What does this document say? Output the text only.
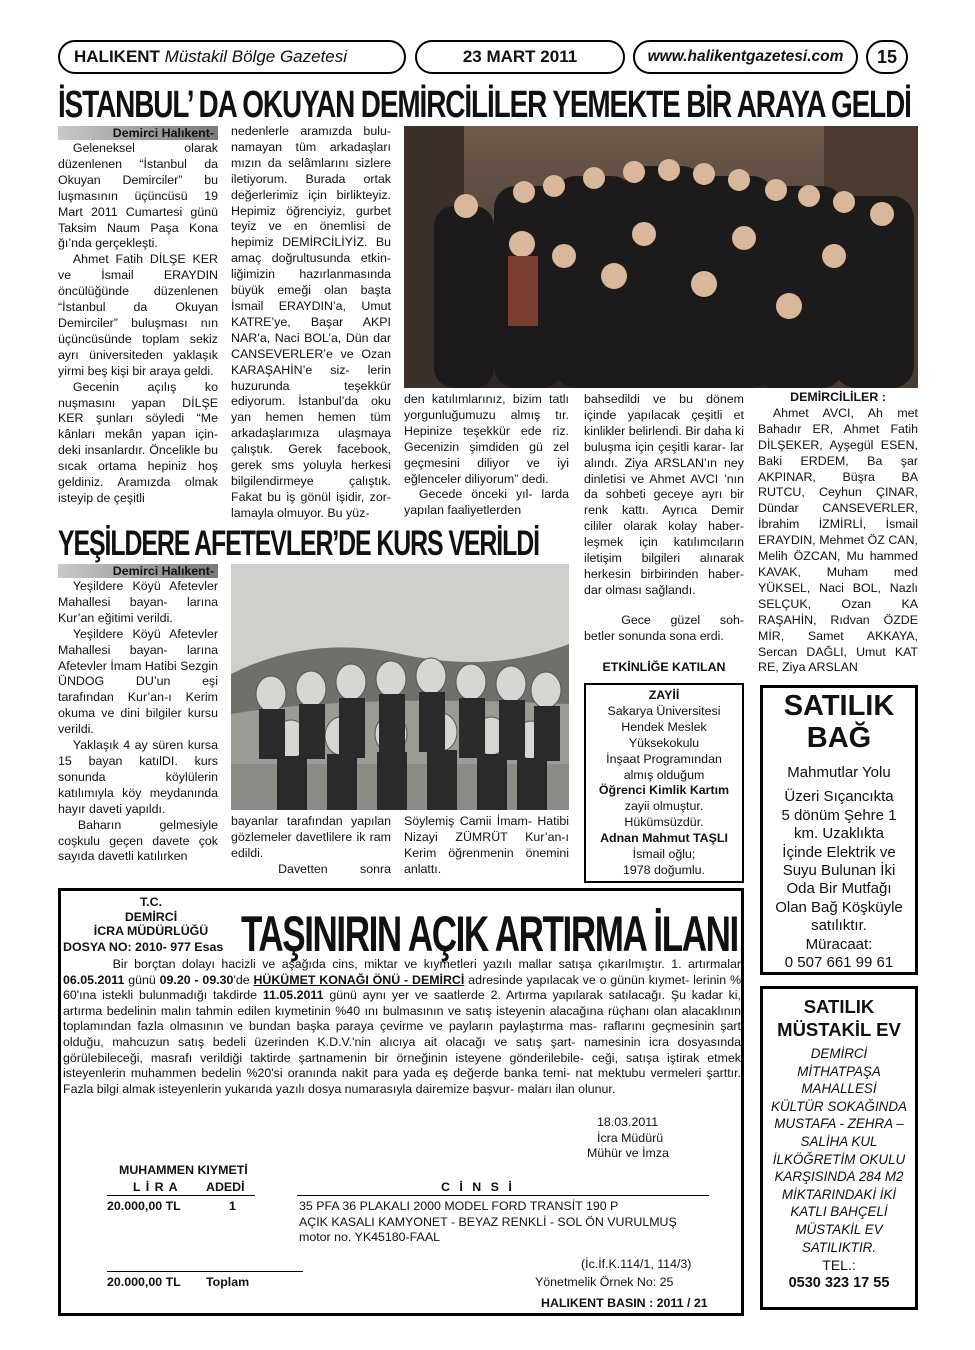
HALIKENT Müstakil Bölge Gazetesi	23 MART 2011	www.halikentgazetesi.com 15
İSTANBUL’ DA OKUYAN DEMİRCİLİLER YEMEKTE BİR ARAYA GELDİ
Demirci Halıkent-

Geleneksel olarak düzenlenen “İstanbul da Okuyan Demirciler” bu luşmasının üçüncüsü 19 Mart 2011 Cumartesi günü Taksim Naum Paşa Kona ğı’nda gerçekleşti.

Ahmet Fatih DİLŞE KER ve İsmail ERAYDIN öncülüğünde düzenlenen “İstanbul da Okuyan Demirciler” buluşması nın üçüncüsünde toplam sekiz ayrı üniversiteden yaklaşık yirmi beş kişi bir araya geldi.

Gecenin açılış ko nuşmasını yapan DİLŞE KER şunları söyledi “Me kânları mekân yapan için- deki insanlardır. Öncelikle bu sıcak ortama hepiniz hoş geldiniz. Aramızda olmak isteyip de çeşitli

nedenlerle aramızda bulu- namayan tüm arkadaşları mızın da selâmlarını sizlere iletiyorum. Burada ortak değerlerimiz için birlikteyiz. Hepimiz öğrenciyiz, gurbet teyiz ve en önemlisi de hepimiz DEMİRCİLİYİZ. Bu amaç doğrultusunda etkin- liğimizin hazırlanmasında büyük emeği olan başta İsmail ERAYDIN’a, Umut KATRE’ye, Başar AKPI NAR’a, Naci BOL’a, Dün dar CANSEVERLER’e ve Ozan KARAŞAHİN’e siz- lerin huzurunda teşekkür ediyorum. İstanbul’da oku yan hemen hemen tüm arkadaşlarımıza ulaşmaya çalıştık. Gerek facebook, gerek sms yoluyla herkesi bilgilendirmeye çalıştık. Fakat bu iş gönül işidir, zor- lamayla olmuyor. Bu yüz-

den katılımlarınız, bizim tatlı yorgunluğumuzu almış tır. Hepinize teşekkür ede riz. Gecenizin şimdiden gü zel geçmesini diliyor ve iyi eğlenceler diliyorum” dedi.

Gecede önceki yıl- larda yapılan faaliyetlerden

bahsedildi ve bu dönem içinde yapılacak çeşitli et kinlikler belirlendi. Bir daha ki buluşma için çeşitli karar- lar alındı. Ziya ARSLAN’ın ney dinletisi ve Ahmet AVCI ’nın da sohbeti geceye ayrı bir renk kattı. Ayrıca Demir cililer olarak kolay haber- leşmek için katılımcıların iletişim bilgileri alınarak herkesin birbirinden haber- dar olması sağlandı.

Gece güzel soh- betler sonunda sona erdi.

DEMİRCİLİLER :

Ahmet AVCI, Ah met Bahadır ER, Ahmet Fatih DİLŞEKER, Ayşegül ESEN, Baki ERDEM, Ba şar AKPINAR, Büşra BA RUTCU, Ceyhun ÇINAR, Dündar CANSEVERLER, İbrahim İZMİRLİ, İsmail ERAYDIN, Mehmet ÖZ CAN, Melih ÖZCAN, Mu hammed KAVAK, Muham med YÜKSEL, Naci BOL, Nazlı SELÇUK, Ozan KA RAŞAHİN, Rıdvan ÖZDE MİR, Samet AKKAYA, Sercan DAĞLI, Umut KAT RE, Ziya ARSLAN

YEŞİLDERE AFETEVLER’DE KURS VERİLDİ
Demirci Halıkent-

Yeşildere Köyü Afetevler Mahallesi bayan- larına Kur’an eğitimi verildi.

Yeşildere Köyü Afetevler Mahallesi bayan- larına Afetevler İmam Hatibi Sezgin ÜNDOG DU’un eşi tarafından Kur’an-ı Kerim okuma ve dini bilgiler kursu verildi.

Yaklaşık 4 ay süren kursa 15 bayan katılDI. kurs sonunda köylülerin katılımıyla köy meydanında hayır daveti yapıldı.

Baharın gelmesiyle coşkulu geçen davete çok sayıda davetli katılırken

bayanlar tarafından yapılan gözlemeler davetlilere ik ram edildi.

Davetten sonra

Söylemiş Camii İmam- Hatibi Nizayi ZÜMRÜT Kur’an-ı Kerim öğrenmenin önemini anlattı.

ETKİNLİĞE KATILAN
ZAYİİ
Sakarya Üniversitesi
Hendek Meslek
Yüksekokulu
İnşaat Programından
almış olduğum
Öğrenci Kimlik Kartım
zayii olmuştur.
Hükümsüzdür.
Adnan Mahmut TAŞLI
İsmail oğlu;
1978 doğumlu.
SATILIK
BAĞ
Mahmutlar Yolu
Üzeri Sıçancıkta
5 dönüm Şehre 1
km. Uzaklıkta
İçinde Elektrik ve
Suyu Bulunan İki
Oda Bir Mutfağı
Olan Bağ Köşküyle
satılıktır.
Müracaat:
0 507 661 99 61
SATILIK
MÜSTAKİL EV
DEMİRCİ
MİTHATPAŞA
MAHALLESİ
KÜLTÜR SOKAĞINDA
MUSTAFA - ZEHRA –
SALİHA KUL
İLKÖĞRETİM OKULU
KARŞISINDA 284 M2
MİKTARINDAKİ İKİ
KATLI BAHÇELİ
MÜSTAKİL EV
SATILIKTIR.
TEL.:
0530 323 17 55
T.C.
DEMİRCİ
İCRA MÜDÜRLÜĞÜ
DOSYA NO: 2010- 977 Esas TAŞINIRIN AÇIK ARTIRMA İLANI
Bir borçtan dolayı hacizli ve aşağıda cins, miktar ve kıymetleri yazılı mallar satışa çıkarılmıştır. 1. artırmalar 06.05.2011 günü 09.20 - 09.30'de HÜKÜMET KONAĞI ÖNÜ - DEMİRCİ adresinde yapılacak ve o günün kıymet- lerinin % 60'ına istekli bulunmadığı takdirde 11.05.2011 günü aynı yer ve saatlerde 2. Artırma yapılarak satılacağı. Şu kadar ki, artırma bedelinin malın tahmin edilen kıymetinin %40 ını bulmasının ve satış isteyenin alacağına rüçhanı olan alacaklının toplamından fazla olmasının ve bundan başka paraya çevirme ve payların paylaştırma mas- raflarını geçmesinin şart olduğu, mahcuzun satış bedeli üzerinden K.D.V.'nin alıcıya ait olacağı ve satış şart- namesinin icra dosyasında görülebileceği, masrafı verildiği taktirde şartnamenin bir örneğinin isteyene gönderilebile- ceği, satışa iştirak etmek isteyenlerin muhammen bedelin %20'si oranında nakit para yada eş değerde banka temi- nat mektubu vermeleri şarttır. Fazla bilgi almak isteyenlerin yukarıda yazılı dosya numarasıyla dairemize başvur- maları ilan olunur.
18.03.2011
İcra Müdürü
Mühür ve İmza
MUHAMMEN KIYMETİ
L İ R A ADEDİ	C İ N S İ
20.000,00 TL	1	35 PFA 36 PLAKALI 2000 MODEL FORD TRANSİT 190 P
AÇIK KASALI KAMYONET - BEYAZ RENKLİ - SOL ÖN VURULMUŞ
motor no. YK45180-FAAL
(İc.İf.K.114/1, 114/3)
20.000,00 TL Toplam	Yönetmelik Örnek No: 25
HALIKENT BASIN : 2011 / 21
